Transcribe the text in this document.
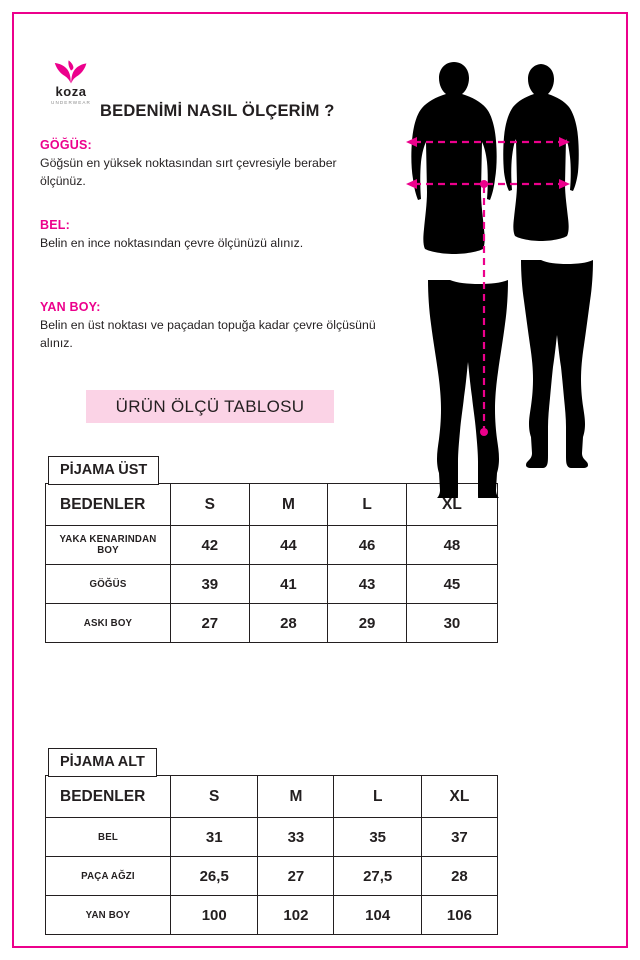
koza
UNDERWEAR BEDENİMİ NASIL ÖLÇERİM ?
GÖĞÜS:
Göğsün en yüksek noktasından sırt çevresiyle beraber ölçünüz.
BEL:
Belin en ince noktasından çevre ölçünüzü alınız.
YAN BOY:
Belin en üst noktası ve paçadan topuğa kadar çevre ölçüsünü alınız.
ÜRÜN ÖLÇÜ TABLOSU
PİJAMA ÜST
BEDENLER	S	M	L	XL
YAKA KENARINDAN BOY	42	44	46	48
GÖĞÜS	39	41	43	45
ASKI BOY	27	28	29	30
PİJAMA ALT
BEDENLER	S	M	L	XL
BEL	31	33	35	37
PAÇA AĞZI	26,5	27	27,5	28
YAN BOY	100	102	104	106
